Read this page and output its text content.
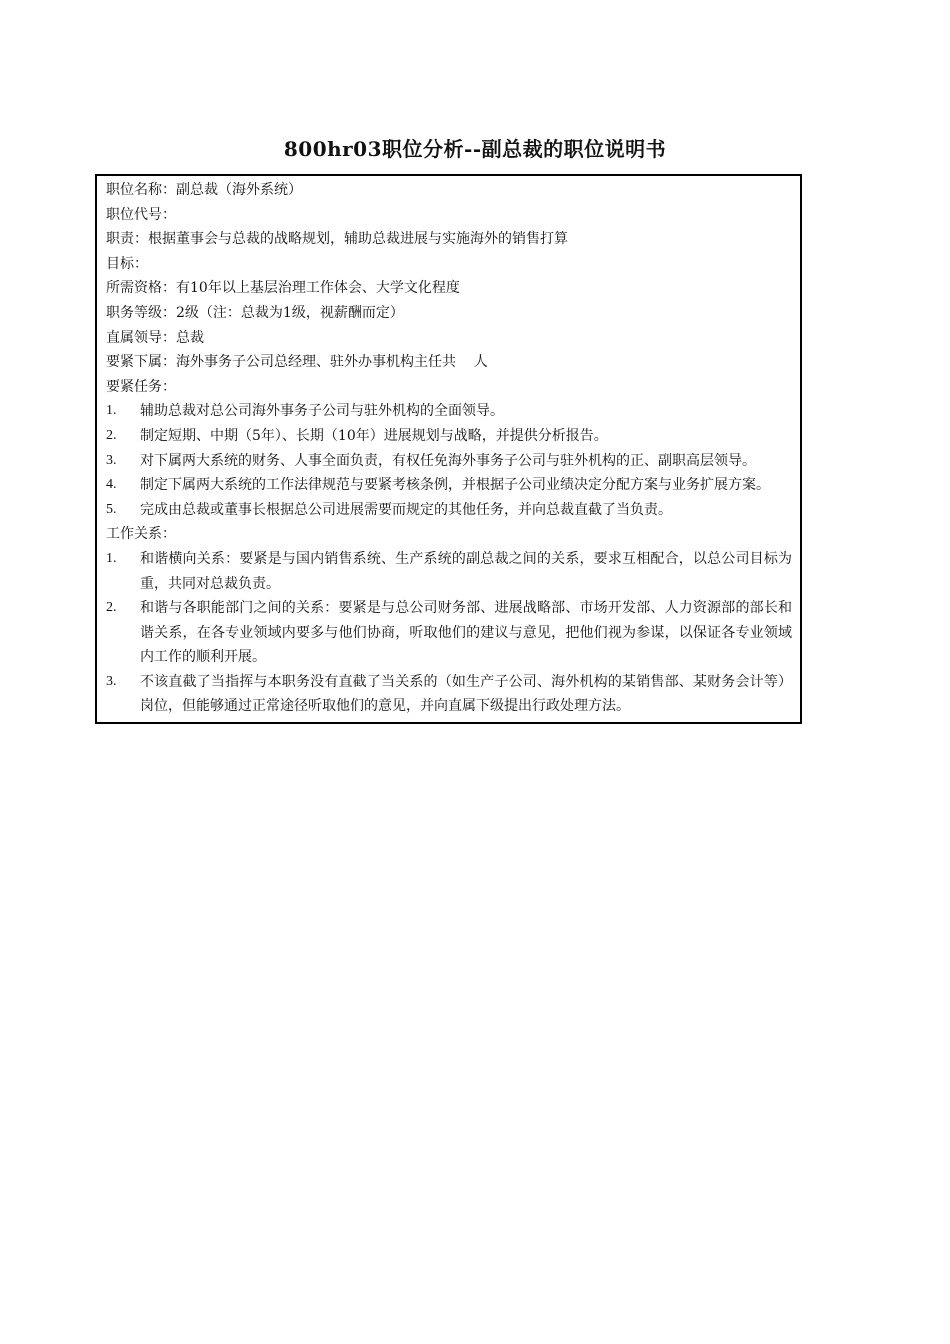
800hr03职位分析--副总裁的职位说明书
职位名称：副总裁（海外系统）
职位代号：
职责：根据董事会与总裁的战略规划，辅助总裁进展与实施海外的销售打算
目标：
所需资格：有10年以上基层治理工作体会、大学文化程度
职务等级：2级（注：总裁为1级，视薪酬而定）
直属领导：总裁
要紧下属：海外事务子公司总经理、驻外办事机构主任共    人
要紧任务：
1.	辅助总裁对总公司海外事务子公司与驻外机构的全面领导。
2.	制定短期、中期（5年）、长期（10年）进展规划与战略，并提供分析报告。
3.	对下属两大系统的财务、人事全面负责，有权任免海外事务子公司与驻外机构的正、副职高层领导。
4.	制定下属两大系统的工作法律规范与要紧考核条例，并根据子公司业绩决定分配方案与业务扩展方案。
5.	完成由总裁或董事长根据总公司进展需要而规定的其他任务，并向总裁直截了当负责。
工作关系：
1.	和谐横向关系：要紧是与国内销售系统、生产系统的副总裁之间的关系，要求互相配合，以总公司目标为重，共同对总裁负责。
2.	和谐与各职能部门之间的关系：要紧是与总公司财务部、进展战略部、市场开发部、人力资源部的部长和谐关系，在各专业领域内要多与他们协商，听取他们的建议与意见，把他们视为参谋，以保证各专业领域内工作的顺利开展。
3.	不该直截了当指挥与本职务没有直截了当关系的（如生产子公司、海外机构的某销售部、某财务会计等）岗位，但能够通过正常途径听取他们的意见，并向直属下级提出行政处理方法。
